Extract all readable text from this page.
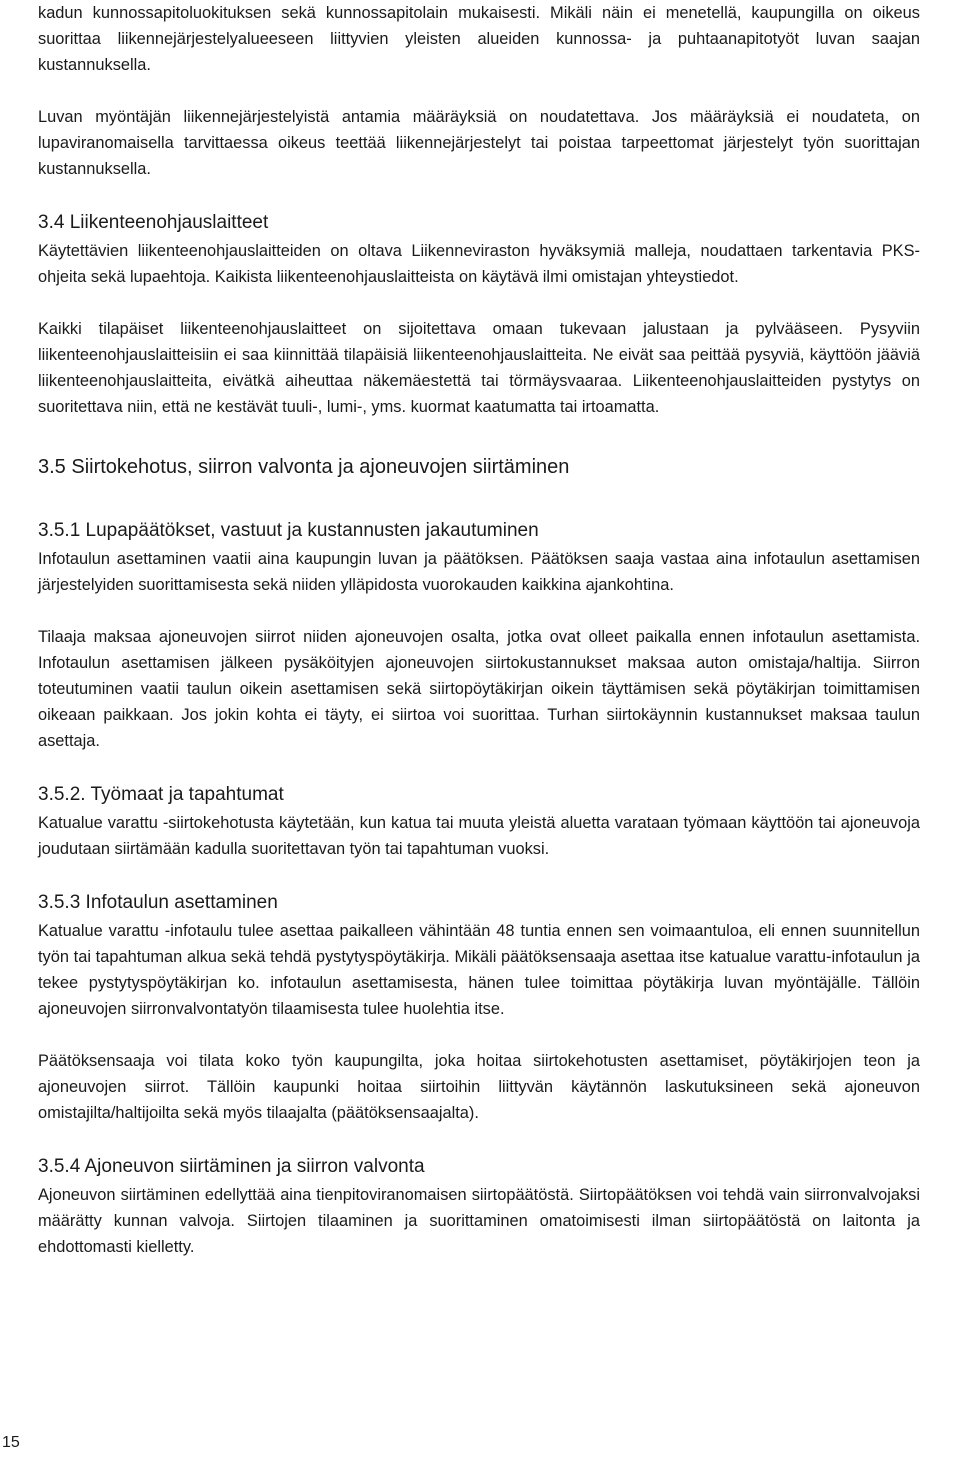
kadun kunnossapitoluokituksen sekä kunnossapitolain mukaisesti. Mikäli näin ei menetellä, kaupungilla on oikeus suorittaa liikennejärjestelyalueeseen liittyvien yleisten alueiden kunnossa- ja puhtaanapitotyöt luvan saajan kustannuksella.

Luvan myöntäjän liikennejärjestelyistä antamia määräyksiä on noudatettava. Jos määräyksiä ei noudateta, on lupaviranomaisella tarvittaessa oikeus teettää liikennejärjestelyt tai poistaa tarpeettomat järjestelyt työn suorittajan kustannuksella.

3.4 Liikenteenohjauslaitteet

Käytettävien liikenteenohjauslaitteiden on oltava Liikenneviraston hyväksymiä malleja, noudattaen tarkentavia PKS-ohjeita sekä lupaehtoja. Kaikista liikenteenohjauslaitteista on käytävä ilmi omistajan yhteystiedot.

Kaikki tilapäiset liikenteenohjauslaitteet on sijoitettava omaan tukevaan jalustaan ja pylvääseen. Pysyviin liikenteenohjauslaitteisiin ei saa kiinnittää tilapäisiä liikenteenohjauslaitteita. Ne eivät saa peittää pysyviä, käyttöön jääviä liikenteenohjauslaitteita, eivätkä aiheuttaa näkemäestettä tai törmäysvaaraa. Liikenteenohjauslaitteiden pystytys on suoritettava niin, että ne kestävät tuuli-, lumi-, yms. kuormat kaatumatta tai irtoamatta.

3.5 Siirtokehotus, siirron valvonta ja ajoneuvojen siirtäminen
3.5.1 Lupapäätökset, vastuut ja kustannusten jakautuminen

Infotaulun asettaminen vaatii aina kaupungin luvan ja päätöksen. Päätöksen saaja vastaa aina infotaulun asettamisen järjestelyiden suorittamisesta sekä niiden ylläpidosta vuorokauden kaikkina ajankohtina.

Tilaaja maksaa ajoneuvojen siirrot niiden ajoneuvojen osalta, jotka ovat olleet paikalla ennen infotaulun asettamista. Infotaulun asettamisen jälkeen pysäköityjen ajoneuvojen siirtokustannukset maksaa auton omistaja/haltija. Siirron toteutuminen vaatii taulun oikein asettamisen sekä siirtopöytäkirjan oikein täyttämisen sekä pöytäkirjan toimittamisen oikeaan paikkaan. Jos jokin kohta ei täyty, ei siirtoa voi suorittaa. Turhan siirtokäynnin kustannukset maksaa taulun asettaja.

3.5.2. Työmaat ja tapahtumat

Katualue varattu -siirtokehotusta käytetään, kun katua tai muuta yleistä aluetta varataan työmaan käyttöön tai ajoneuvoja joudutaan siirtämään kadulla suoritettavan työn tai tapahtuman vuoksi.

3.5.3 Infotaulun asettaminen

Katualue varattu -infotaulu tulee asettaa paikalleen vähintään 48 tuntia ennen sen voimaantuloa, eli ennen suunnitellun työn tai tapahtuman alkua sekä tehdä pystytyspöytäkirja. Mikäli päätöksensaaja asettaa itse katualue varattu-infotaulun ja tekee pystytyspöytäkirjan ko. infotaulun asettamisesta, hänen tulee toimittaa pöytäkirja luvan myöntäjälle. Tällöin ajoneuvojen siirronvalvontatyön tilaamisesta tulee huolehtia itse.

Päätöksensaaja voi tilata koko työn kaupungilta, joka hoitaa siirtokehotusten asettamiset, pöytäkirjojen teon ja ajoneuvojen siirrot. Tällöin kaupunki hoitaa siirtoihin liittyvän käytännön laskutuksineen sekä ajoneuvon omistajilta/haltijoilta sekä myös tilaajalta (päätöksensaajalta).

3.5.4 Ajoneuvon siirtäminen ja siirron valvonta

Ajoneuvon siirtäminen edellyttää aina tienpitoviranomaisen siirtopäätöstä. Siirtopäätöksen voi tehdä vain siirronvalvojaksi määrätty kunnan valvoja. Siirtojen tilaaminen ja suorittaminen omatoimisesti ilman siirtopäätöstä on laitonta ja ehdottomasti kielletty.

15
